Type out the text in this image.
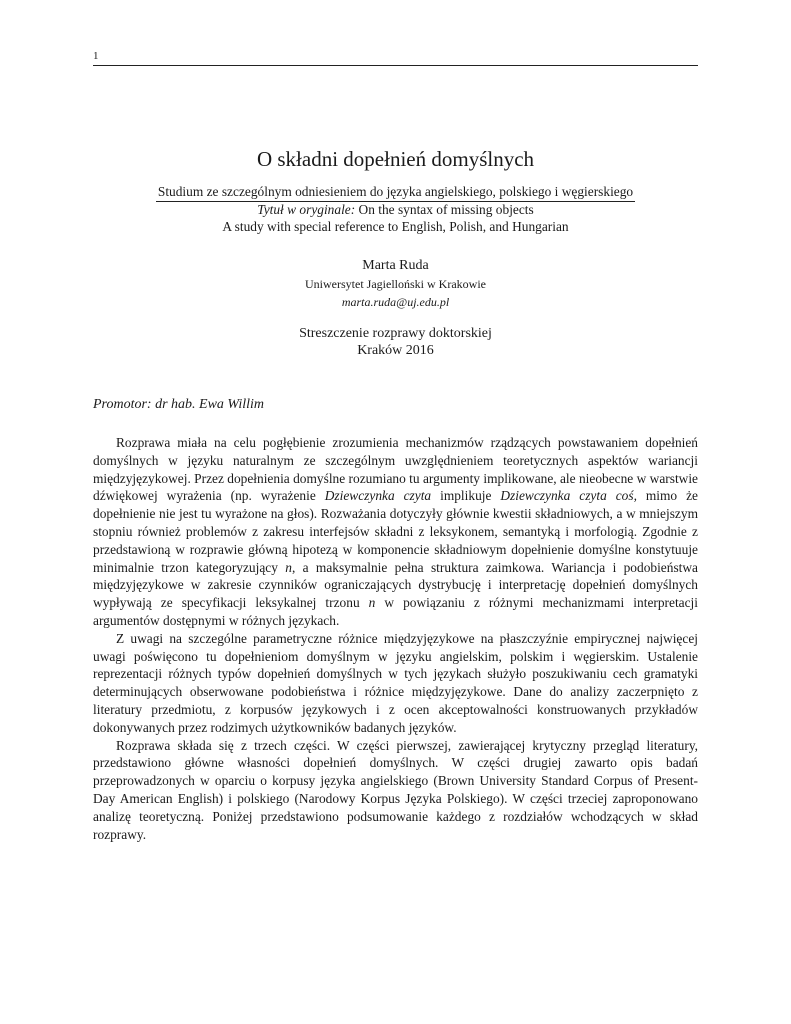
1
O składni dopełnień domyślnych
Studium ze szczególnym odniesieniem do języka angielskiego, polskiego i węgierskiego
Tytuł w oryginale: On the syntax of missing objects
A study with special reference to English, Polish, and Hungarian
Marta Ruda
Uniwersytet Jagielloński w Krakowie
marta.ruda@uj.edu.pl
Streszczenie rozprawy doktorskiej
Kraków 2016
Promotor: dr hab. Ewa Willim

Rozprawa miała na celu pogłębienie zrozumienia mechanizmów rządzących powstawaniem dopełnień domyślnych w języku naturalnym ze szczególnym uwzględnieniem teoretycznych aspektów wariancji międzyjęzykowej. Przez dopełnienia domyślne rozumiano tu argumenty implikowane, ale nieobecne w warstwie dźwiękowej wyrażenia (np. wyrażenie Dziewczynka czyta implikuje Dziewczynka czyta coś, mimo że dopełnienie nie jest tu wyrażone na głos). Rozważania dotyczyły głównie kwestii składniowych, a w mniejszym stopniu również problemów z zakresu interfejsów składni z leksykonem, semantyką i morfologią. Zgodnie z przedstawioną w rozprawie główną hipotezą w komponencie składniowym dopełnienie domyślne konstytuuje minimalnie trzon kategoryzujący n, a maksymalnie pełna struktura zaimkowa. Wariancja i podobieństwa międzyjęzykowe w zakresie czynników ograniczających dystrybucję i interpretację dopełnień domyślnych wypływają ze specyfikacji leksykalnej trzonu n w powiązaniu z różnymi mechanizmami interpretacji argumentów dostępnymi w różnych językach.

Z uwagi na szczególne parametryczne różnice międzyjęzykowe na płaszczyźnie empirycznej najwięcej uwagi poświęcono tu dopełnieniom domyślnym w języku angielskim, polskim i węgierskim. Ustalenie reprezentacji różnych typów dopełnień domyślnych w tych językach służyło poszukiwaniu cech gramatyki determinujących obserwowane podobieństwa i różnice międzyjęzykowe. Dane do analizy zaczerpnięto z literatury przedmiotu, z korpusów językowych i z ocen akceptowalności konstruowanych przykładów dokonywanych przez rodzimych użytkowników badanych języków.

Rozprawa składa się z trzech części. W części pierwszej, zawierającej krytyczny przegląd literatury, przedstawiono główne własności dopełnień domyślnych. W części drugiej zawarto opis badań przeprowadzonych w oparciu o korpusy języka angielskiego (Brown University Standard Corpus of Present-Day American English) i polskiego (Narodowy Korpus Języka Polskiego). W części trzeciej zaproponowano analizę teoretyczną. Poniżej przedstawiono podsumowanie każdego z rozdziałów wchodzących w skład rozprawy.
